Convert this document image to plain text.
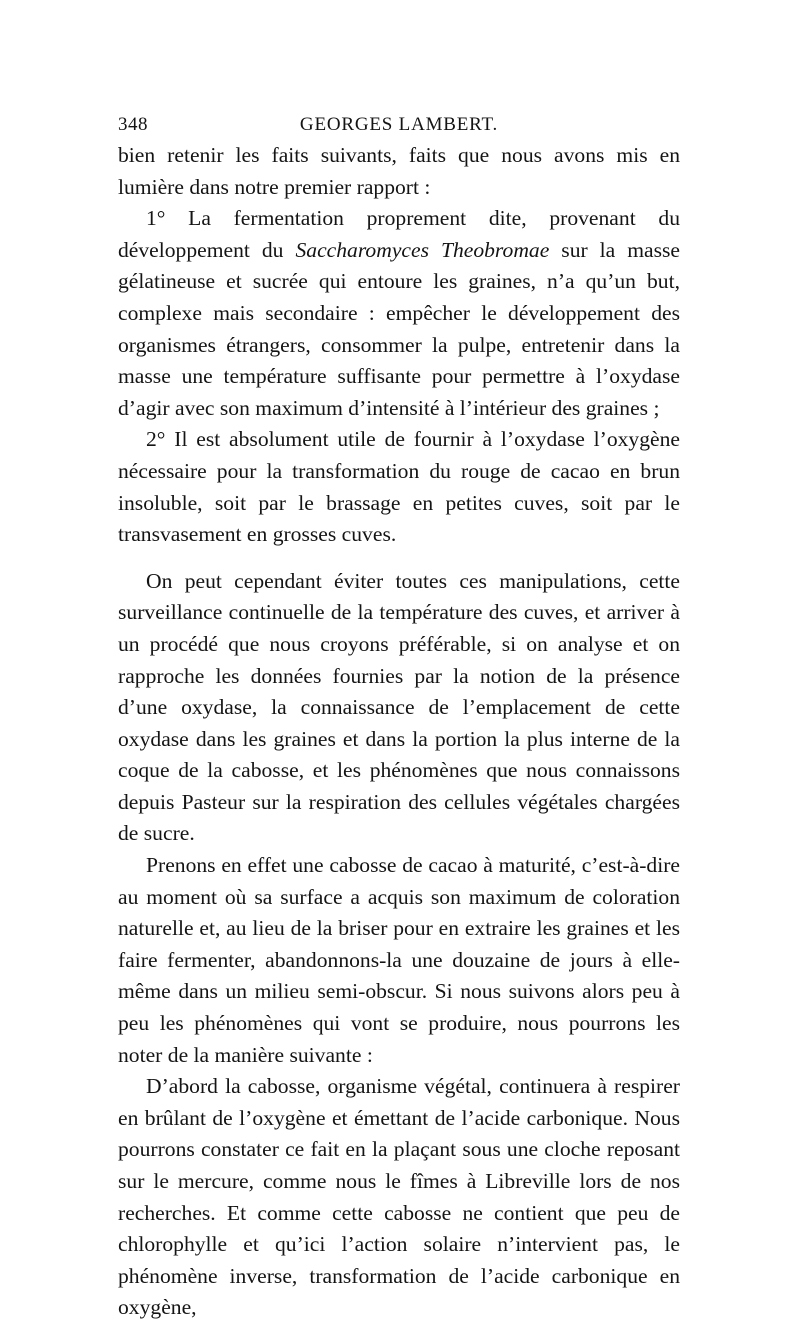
348	GEORGES LAMBERT.

bien retenir les faits suivants, faits que nous avons mis en lumière dans notre premier rapport :

1° La fermentation proprement dite, provenant du développement du Saccharomyces Theobromae sur la masse gélatineuse et sucrée qui entoure les graines, n’a qu’un but, complexe mais secondaire : empêcher le développement des organismes étrangers, consommer la pulpe, entretenir dans la masse une température suffisante pour permettre à l’oxydase d’agir avec son maximum d’intensité à l’intérieur des graines ;

2° Il est absolument utile de fournir à l’oxydase l’oxygène nécessaire pour la transformation du rouge de cacao en brun insoluble, soit par le brassage en petites cuves, soit par le transvasement en grosses cuves.

On peut cependant éviter toutes ces manipulations, cette surveillance continuelle de la température des cuves, et arriver à un procédé que nous croyons préférable, si on analyse et on rapproche les données fournies par la notion de la présence d’une oxydase, la connaissance de l’emplacement de cette oxydase dans les graines et dans la portion la plus interne de la coque de la cabosse, et les phénomènes que nous connaissons depuis Pasteur sur la respiration des cellules végétales chargées de sucre.

Prenons en effet une cabosse de cacao à maturité, c’est-à-dire au moment où sa surface a acquis son maximum de coloration naturelle et, au lieu de la briser pour en extraire les graines et les faire fermenter, abandonnons-la une douzaine de jours à elle-même dans un milieu semi-obscur. Si nous suivons alors peu à peu les phénomènes qui vont se produire, nous pourrons les noter de la manière suivante :

D’abord la cabosse, organisme végétal, continuera à respirer en brûlant de l’oxygène et émettant de l’acide carbonique. Nous pourrons constater ce fait en la plaçant sous une cloche reposant sur le mercure, comme nous le fîmes à Libreville lors de nos recherches. Et comme cette cabosse ne contient que peu de chlorophylle et qu’ici l’action solaire n’intervient pas, le phénomène inverse, transformation de l’acide carbonique en oxygène,
